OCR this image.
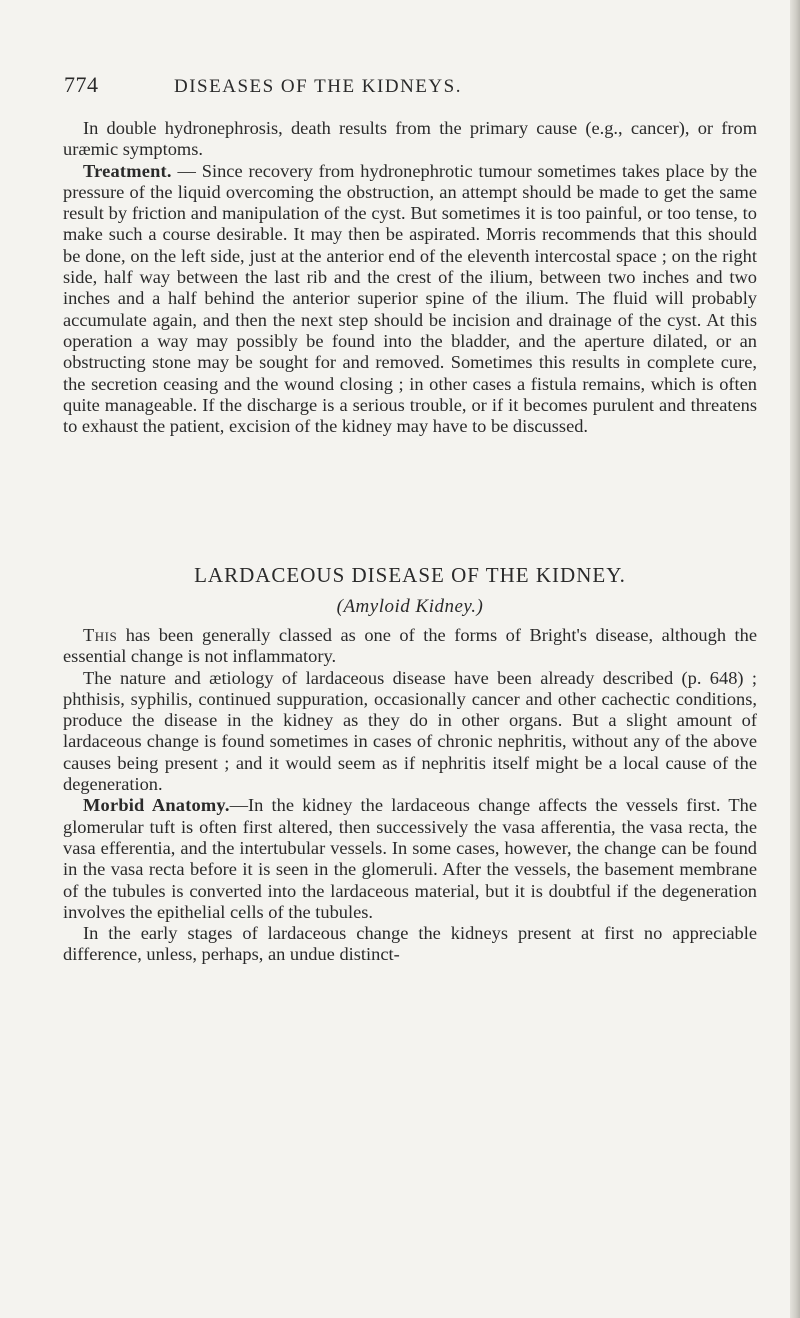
774	DISEASES OF THE KIDNEYS.

In double hydronephrosis, death results from the primary cause (e.g., cancer), or from uræmic symptoms.

Treatment. — Since recovery from hydronephrotic tumour sometimes takes place by the pressure of the liquid overcoming the obstruction, an attempt should be made to get the same result by friction and manipulation of the cyst. But sometimes it is too painful, or too tense, to make such a course desirable. It may then be aspirated. Morris recommends that this should be done, on the left side, just at the anterior end of the eleventh intercostal space ; on the right side, half way between the last rib and the crest of the ilium, between two inches and two inches and a half behind the anterior superior spine of the ilium. The fluid will probably accumulate again, and then the next step should be incision and drainage of the cyst. At this operation a way may possibly be found into the bladder, and the aperture dilated, or an obstructing stone may be sought for and removed. Sometimes this results in complete cure, the secretion ceasing and the wound closing ; in other cases a fistula remains, which is often quite manageable. If the discharge is a serious trouble, or if it becomes purulent and threatens to exhaust the patient, excision of the kidney may have to be discussed.

LARDACEOUS DISEASE OF THE KIDNEY.
(Amyloid Kidney.)

This has been generally classed as one of the forms of Bright's disease, although the essential change is not inflammatory.

The nature and ætiology of lardaceous disease have been already described (p. 648) ; phthisis, syphilis, continued suppuration, occasionally cancer and other cachectic conditions, produce the disease in the kidney as they do in other organs. But a slight amount of lardaceous change is found sometimes in cases of chronic nephritis, without any of the above causes being present ; and it would seem as if nephritis itself might be a local cause of the degeneration.

Morbid Anatomy.—In the kidney the lardaceous change affects the vessels first. The glomerular tuft is often first altered, then successively the vasa afferentia, the vasa recta, the vasa efferentia, and the intertubular vessels. In some cases, however, the change can be found in the vasa recta before it is seen in the glomeruli. After the vessels, the basement membrane of the tubules is converted into the lardaceous material, but it is doubtful if the degeneration involves the epithelial cells of the tubules.

In the early stages of lardaceous change the kidneys present at first no appreciable difference, unless, perhaps, an undue distinct-
